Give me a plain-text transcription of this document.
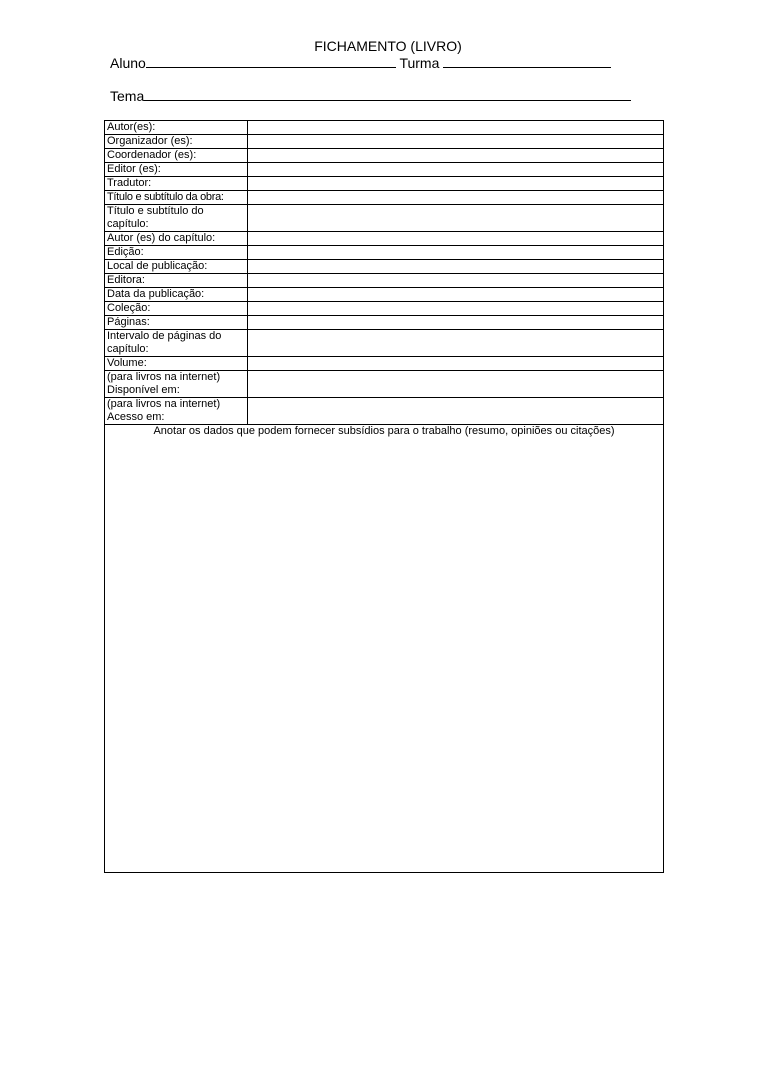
FICHAMENTO (LIVRO)
Aluno	Turma
Tema
Autor(es):	
Organizador (es):	
Coordenador (es):	
Editor (es):	
Tradutor:	
Título e subtítulo da obra:	
Título e subtítulo do capítulo:	
Autor (es) do capítulo:	
Edição:	
Local de publicação:	
Editora:	
Data da publicação:	
Coleção:	
Páginas:	
Intervalo de páginas do capítulo:	
Volume:	
(para livros na internet) Disponível em:	
(para livros na internet) Acesso em:	
Anotar os dados que podem fornecer subsídios para o trabalho (resumo, opiniões ou citações)	
